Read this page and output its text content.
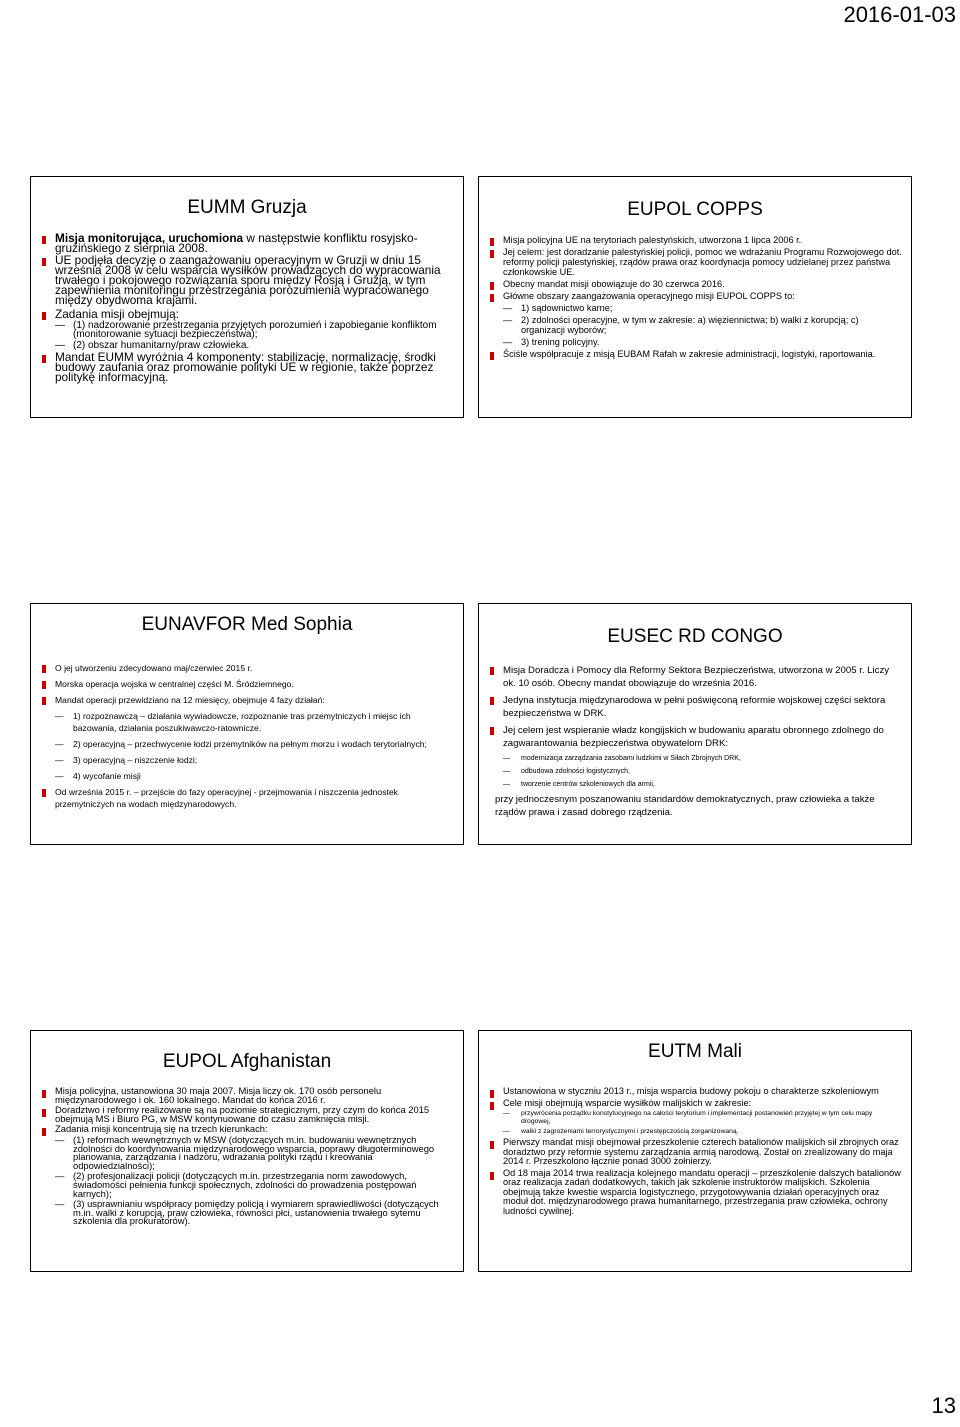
2016-01-03
EUMM Gruzja
Misja monitorująca, uruchomiona w następstwie konfliktu rosyjsko-gruzińskiego z sierpnia 2008.
UE podjęła decyzję o zaangażowaniu operacyjnym w Gruzji w dniu 15 września 2008 w celu wsparcia wysiłków prowadzących do wypracowania trwałego i pokojowego rozwiązania sporu między Rosją i Gruzją, w tym zapewnienia monitoringu przestrzegania porozumienia wypracowanego między obydwoma krajami.
Zadania misji obejmują:
— (1) nadzorowanie przestrzegania przyjętych porozumień i zapobieganie konfliktom (monitorowanie sytuacji bezpieczeństwa);
— (2) obszar humanitarny/praw człowieka.
Mandat EUMM wyróżnia 4 komponenty: stabilizację, normalizację, środki budowy zaufania oraz promowanie polityki UE w regionie, także poprzez politykę informacyjną.
EUPOL COPPS
Misja policyjna UE na terytoriach palestyńskich, utworzona 1 lipca 2006 r.
Jej celem: jest doradzanie palestyńskiej policji, pomoc we wdrażaniu Programu Rozwojowego dot. reformy policji palestyńskiej, rządów prawa oraz koordynacja pomocy udzielanej przez państwa członkowskie UE.
Obecny mandat misji obowiązuje do 30 czerwca 2016.
Główne obszary zaangażowania operacyjnego misji EUPOL COPPS to:
— 1) sądownictwo karne;
— 2) zdolności operacyjne, w tym w zakresie: a) więziennictwa; b) walki z korupcją; c) organizacji wyborów;
— 3) trening policyjny.
Ściśle współpracuje z misją EUBAM Rafah w zakresie administracji, logistyki, raportowania.
EUNAVFOR Med Sophia
O jej utworzeniu zdecydowano maj/czerwiec 2015 r.
Morska operacja wojska w centralnej części M. Śródziemnego.
Mandat operacji przewidziano na 12 miesięcy, obejmuje 4 fazy działań:
— 1) rozpoznawczą – działania wywiadowcze, rozpoznanie tras przemytniczych i miejsc ich bazowania, działania poszukiwawczo-ratownicze.
— 2) operacyjną – przechwycenie łodzi przemytników na pełnym morzu i wodach terytorialnych;
— 3) operacyjną – niszczenie łodzi;
— 4) wycofanie misji
Od września 2015 r. – przejście do fazy operacyjnej - przejmowania i niszczenia jednostek przemytniczych na wodach międzynarodowych.
EUSEC RD CONGO
Misja Doradcza i Pomocy dla Reformy Sektora Bezpieczeństwa, utworzona w 2005 r. Liczy ok. 10 osób. Obecny mandat obowiązuje do września 2016.
Jedyna instytucja międzynarodowa w pełni poświęconą reformie wojskowej części sektora bezpieczeństwa w DRK.
Jej celem jest wspieranie władz kongijskich w budowaniu aparatu obronnego zdolnego do zagwarantowania bezpieczeństwa obywatelom DRK:
— modernizacja zarządzania zasobami ludzkimi w Siłach Zbrojnych DRK,
— odbudowa zdolności logistycznych,
— tworzenie centrów szkoleniowych dla armii,
przy jednoczesnym poszanowaniu standardów demokratycznych, praw człowieka a także rządów prawa i zasad dobrego rządzenia.
EUPOL Afghanistan
Misja policyjna, ustanowiona 30 maja 2007. Misja liczy ok. 170 osób personelu międzynarodowego i ok. 160 lokalnego. Mandat do końca 2016 r.
Doradztwo i reformy realizowane są na poziomie strategicznym, przy czym do końca 2015 obejmują MS i Biuro PG, w MSW kontynuowane do czasu zamknięcia misji.
Zadania misji koncentrują się na trzech kierunkach:
— (1) reformach wewnętrznych w MSW (dotyczących m.in. budowaniu wewnętrznych zdolności do koordynowania międzynarodowego wsparcia, poprawy długoterminowego planowania, zarządzania i nadzoru, wdrażania polityki rządu i kreowania odpowiedzialności);
— (2) profesjonalizacji policji (dotyczących m.in. przestrzegania norm zawodowych, świadomości pełnienia funkcji społecznych, zdolności do prowadzenia postępowań karnych);
— (3) usprawnianiu współpracy pomiędzy policją i wymiarem sprawiedliwości (dotyczących m.in. walki z korupcją, praw człowieka, równości płci, ustanowienia trwałego sytemu szkolenia dla prokuratorów).
EUTM Mali
Ustanowiona w styczniu 2013 r., misja wsparcia budowy pokoju o charakterze szkoleniowym
Cele misji obejmują wsparcie wysiłków malijskich w zakresie:
— przywrócenia porządku konstytucyjnego na całości terytorium i implementacji postanowień przyjętej w tym celu mapy drogowej,
— walki z zagrożeniami terrorystycznymi i przestępczością zorganizowaną.
Pierwszy mandat misji obejmował przeszkolenie czterech batalionów malijskich sił zbrojnych oraz doradztwo przy reformie systemu zarządzania armią narodową. Został on zrealizowany do maja 2014 r. Przeszkolono łącznie ponad 3000 żołnierzy.
Od 18 maja 2014 trwa realizacja kolejnego mandatu operacji – przeszkolenie dalszych batalionów oraz realizacja zadań dodatkowych, takich jak szkolenie instruktorów malijskich. Szkolenia obejmują także kwestie wsparcia logistycznego, przygotowywania działań operacyjnych oraz moduł dot. międzynarodowego prawa humanitarnego, przestrzegania praw człowieka, ochrony ludności cywilnej.
13
